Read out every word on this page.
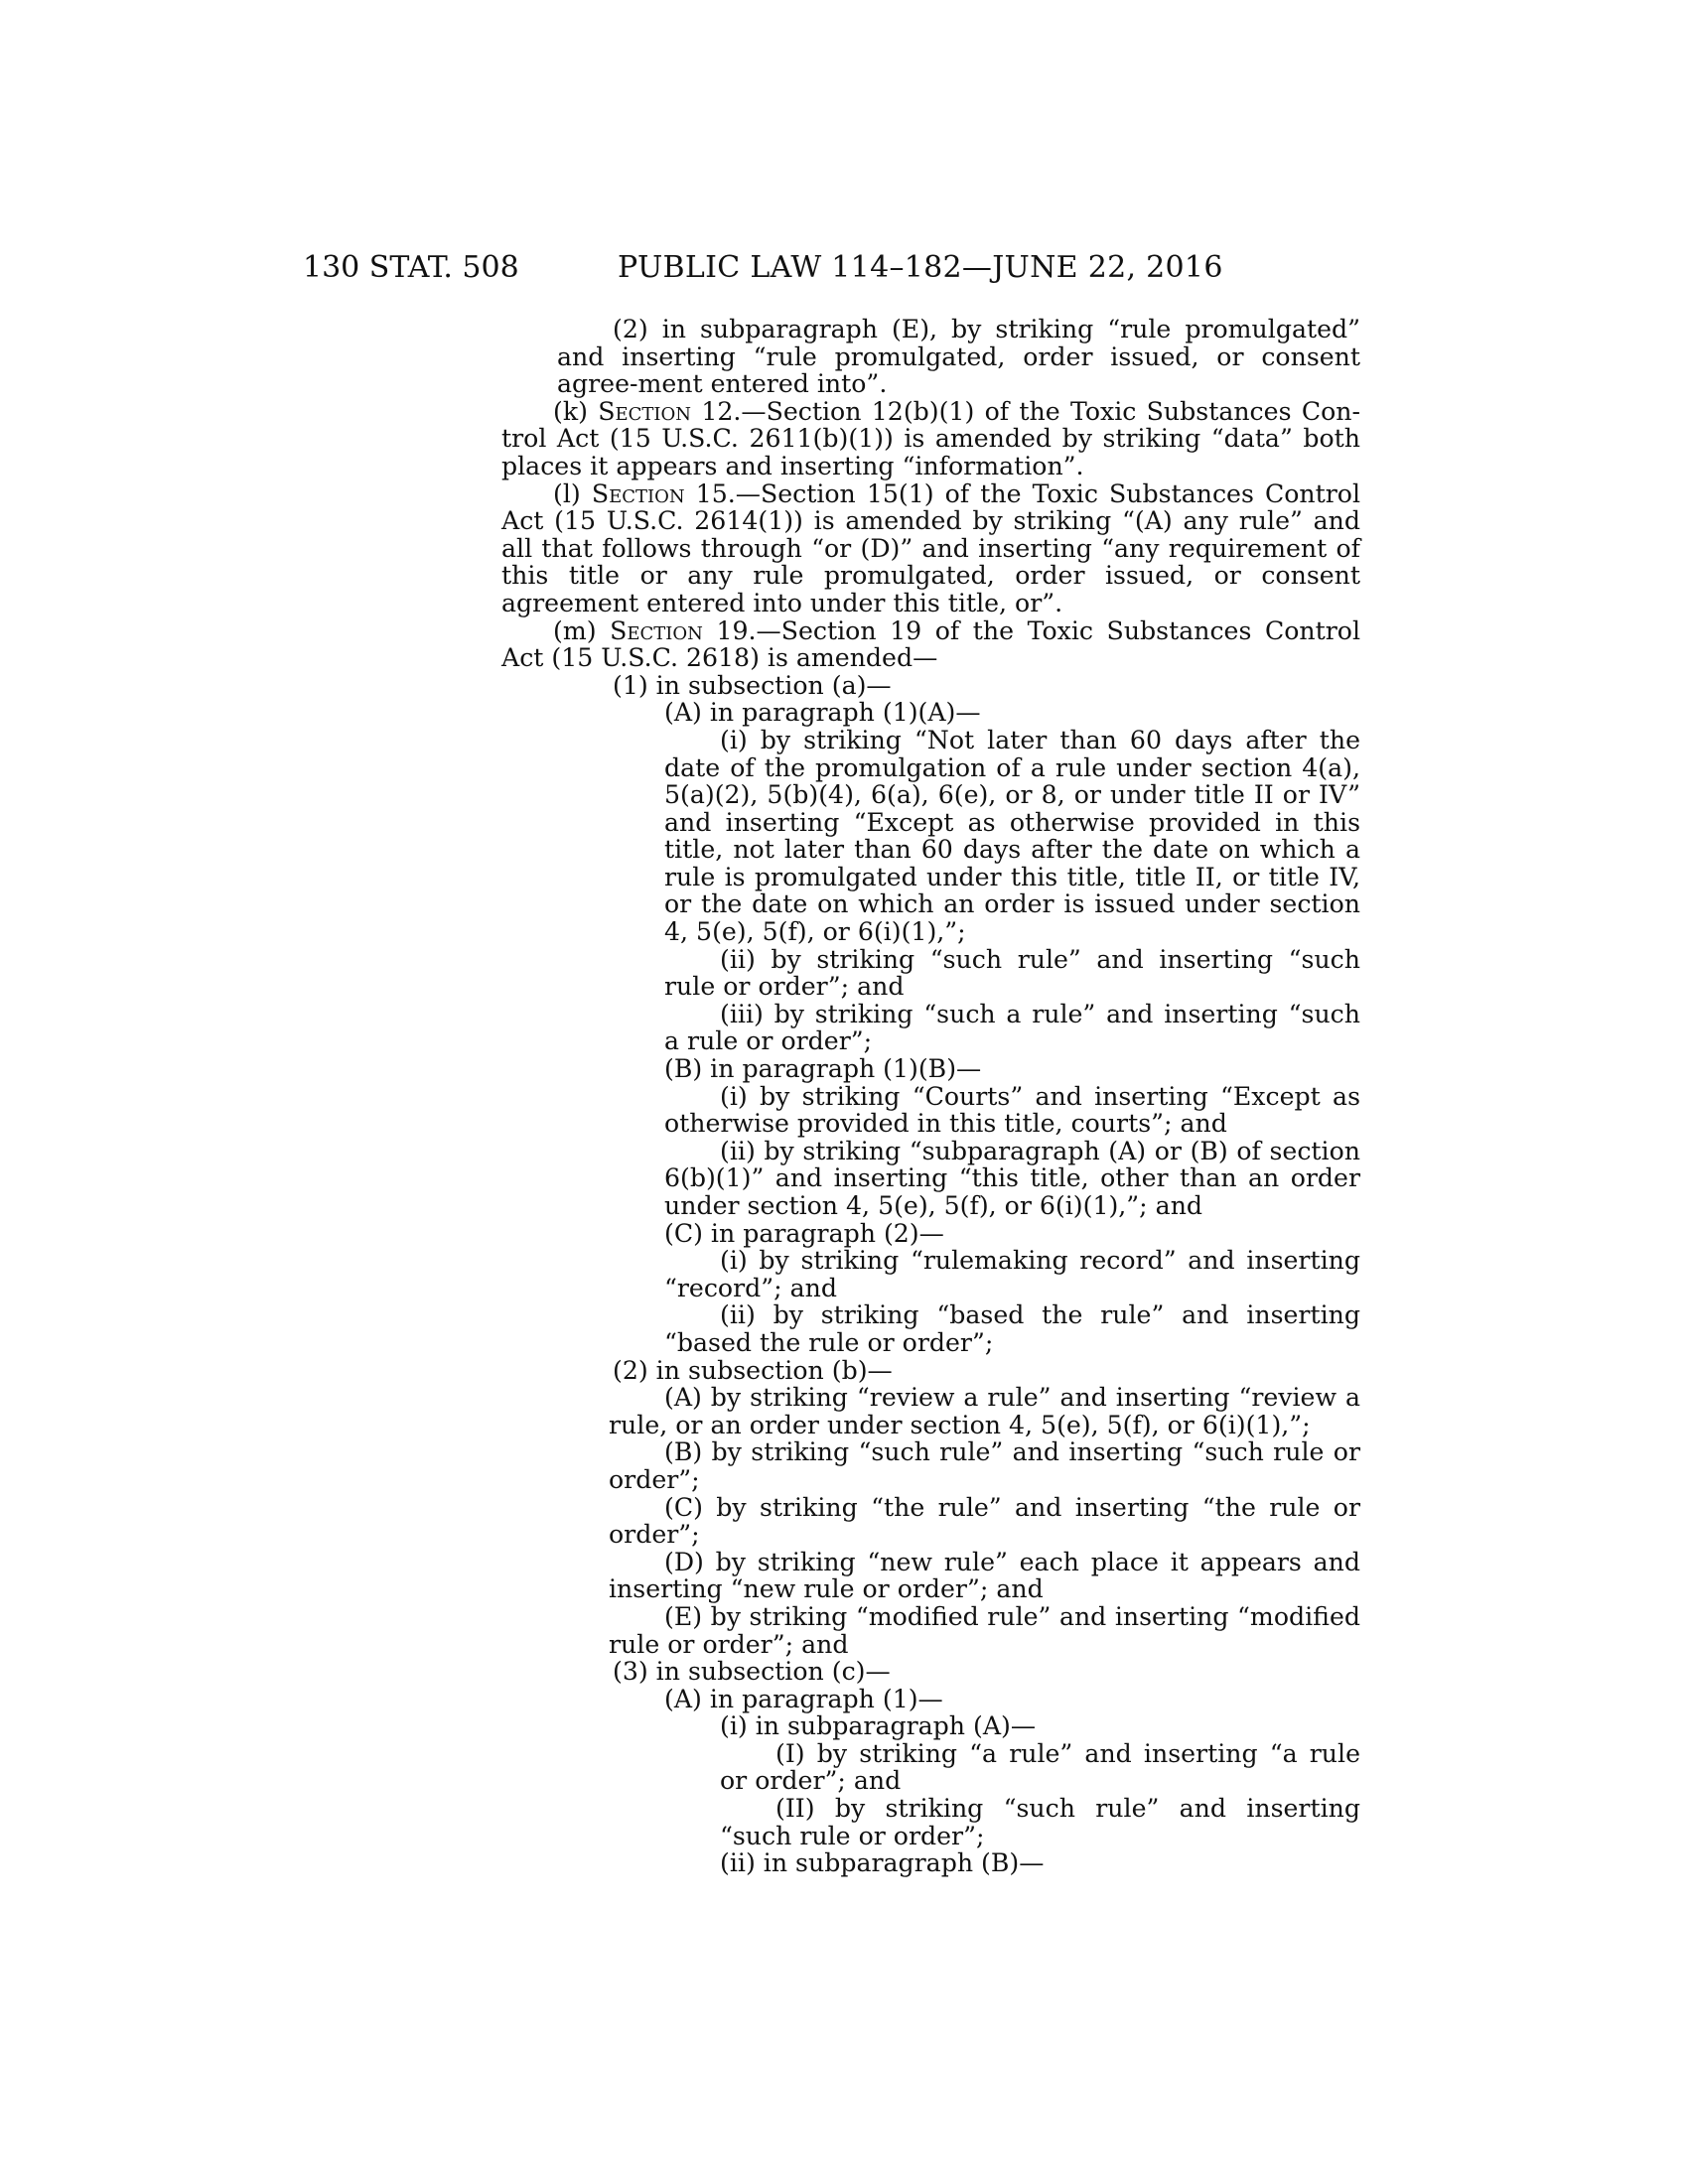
130 STAT. 508	PUBLIC LAW 114–182—JUNE 22, 2016

(2) in subparagraph (E), by striking “rule promulgated” and inserting “rule promulgated, order issued, or consent agree-ment entered into”.

(k) Section 12.—Section 12(b)(1) of the Toxic Substances Con-trol Act (15 U.S.C. 2611(b)(1)) is amended by striking “data” both places it appears and inserting “information”.

(l) Section 15.—Section 15(1) of the Toxic Substances Control Act (15 U.S.C. 2614(1)) is amended by striking “(A) any rule” and all that follows through “or (D)” and inserting “any requirement of this title or any rule promulgated, order issued, or consent agreement entered into under this title, or”.

(m) Section 19.—Section 19 of the Toxic Substances Control Act (15 U.S.C. 2618) is amended—

(1) in subsection (a)—

(A) in paragraph (1)(A)—

(i) by striking “Not later than 60 days after the date of the promulgation of a rule under section 4(a), 5(a)(2), 5(b)(4), 6(a), 6(e), or 8, or under title II or IV” and inserting “Except as otherwise provided in this title, not later than 60 days after the date on which a rule is promulgated under this title, title II, or title IV, or the date on which an order is issued under section 4, 5(e), 5(f), or 6(i)(1),”;

(ii) by striking “such rule” and inserting “such rule or order”; and

(iii) by striking “such a rule” and inserting “such a rule or order”;

(B) in paragraph (1)(B)—

(i) by striking “Courts” and inserting “Except as otherwise provided in this title, courts”; and

(ii) by striking “subparagraph (A) or (B) of section 6(b)(1)” and inserting “this title, other than an order under section 4, 5(e), 5(f), or 6(i)(1),”; and

(C) in paragraph (2)—

(i) by striking “rulemaking record” and inserting “record”; and

(ii) by striking “based the rule” and inserting “based the rule or order”;

(2) in subsection (b)—

(A) by striking “review a rule” and inserting “review a rule, or an order under section 4, 5(e), 5(f), or 6(i)(1),”;

(B) by striking “such rule” and inserting “such rule or order”;

(C) by striking “the rule” and inserting “the rule or order”;

(D) by striking “new rule” each place it appears and inserting “new rule or order”; and

(E) by striking “modified rule” and inserting “modified rule or order”; and

(3) in subsection (c)—

(A) in paragraph (1)—

(i) in subparagraph (A)—

(I) by striking “a rule” and inserting “a rule or order”; and

(II) by striking “such rule” and inserting “such rule or order”;

(ii) in subparagraph (B)—
